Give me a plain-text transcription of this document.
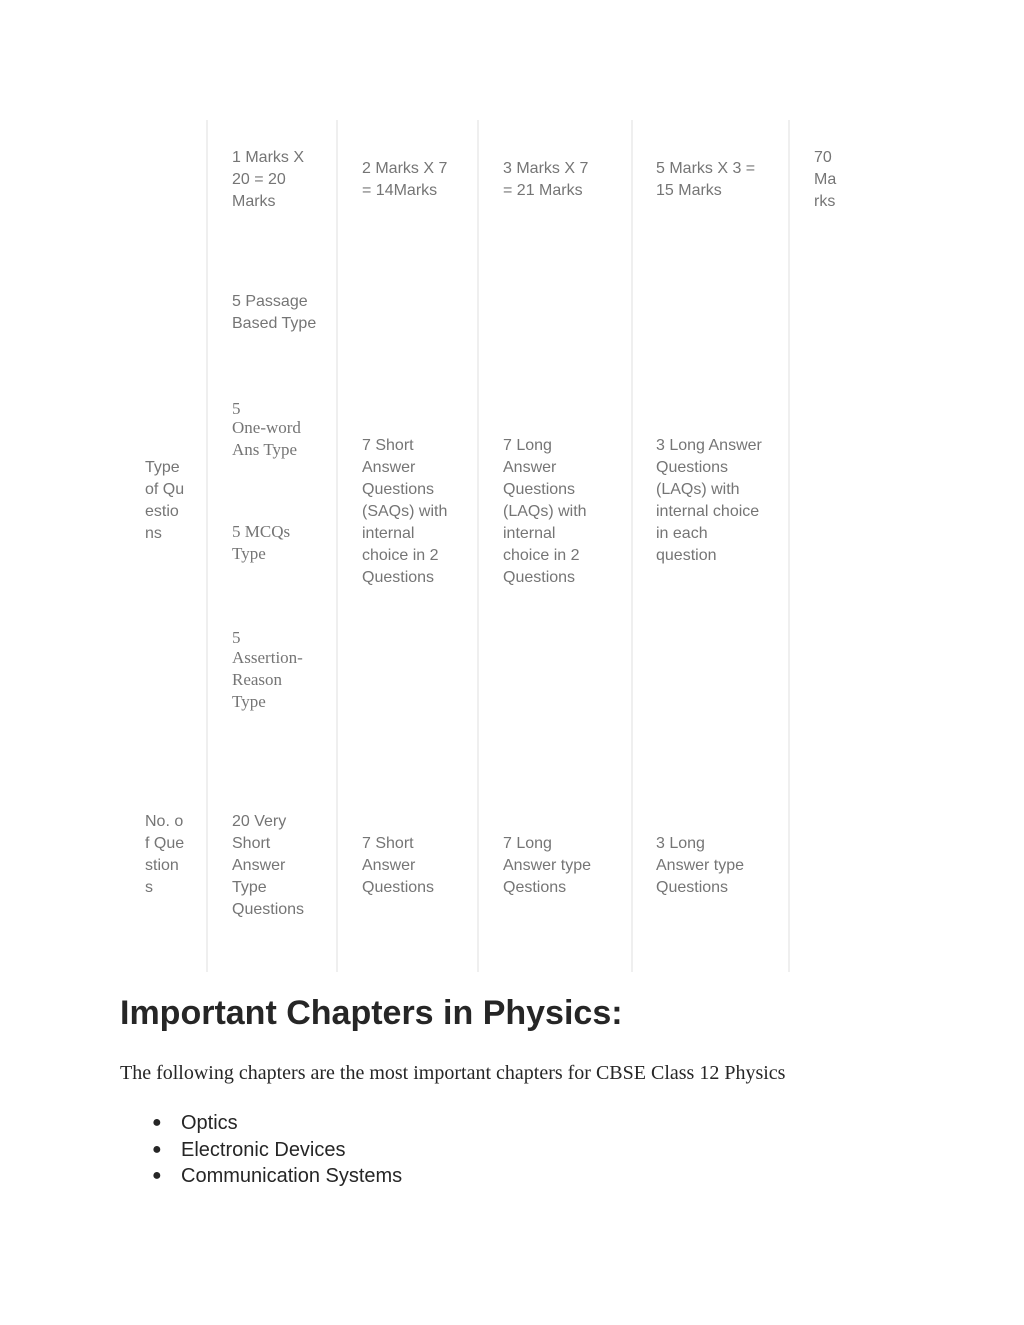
1 Marks X 20 = 20 Marks
2 Marks X 7 = 14Marks
3 Marks X 7 = 21 Marks
5 Marks X 3 = 15 Marks
70 Marks
Type of Questions
5 Passage Based Type
5
One-word Ans Type
5 MCQs Type
5
Assertion-Reason Type
7 Short Answer Questions (SAQs) with internal choice in 2 Questions
7 Long Answer Questions (LAQs) with internal choice in 2 Questions
3 Long Answer Questions (LAQs) with internal choice in each question
No. of Questions
20 Very Short Answer Type Questions
7 Short Answer Questions
7 Long Answer type Qestions
3 Long Answer type Questions
Important Chapters in Physics:

The following chapters are the most important chapters for CBSE Class 12 Physics

● Optics
● Electronic Devices
● Communication Systems
